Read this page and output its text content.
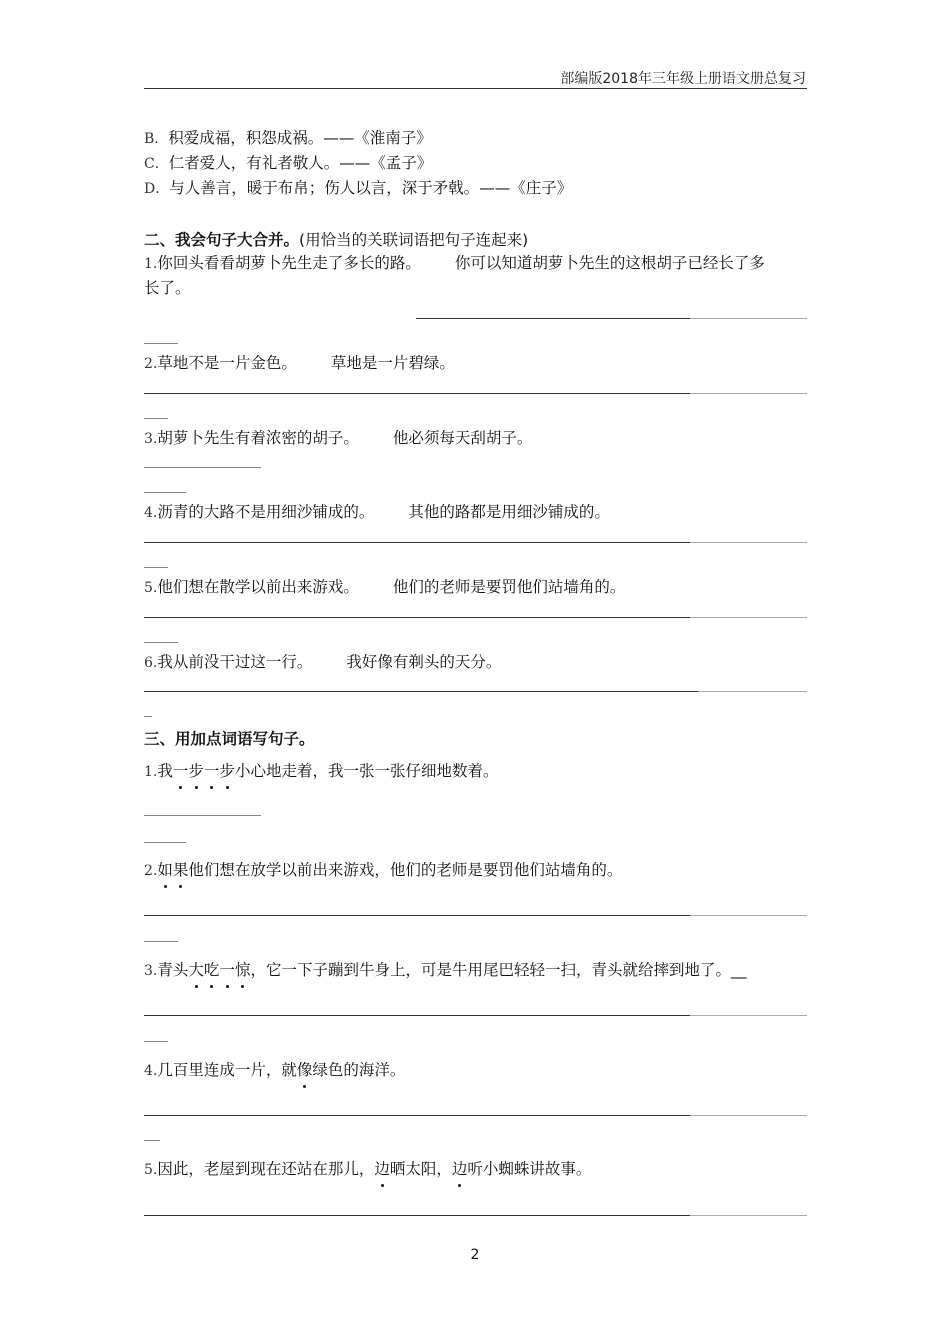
部编版2018年三年级上册语文册总复习
B．积爱成福，积怨成祸。——《淮南子》
C．仁者爱人，有礼者敬人。——《孟子》
D．与人善言，暖于布帛；伤人以言，深于矛戟。——《庄子》
二、我会句子大合并。(用恰当的关联词语把句子连起来)
1.你回头看看胡萝卜先生走了多长的路。 你可以知道胡萝卜先生的这根胡子已经长了多
长了。
2.草地不是一片金色。 草地是一片碧绿。
3.胡萝卜先生有着浓密的胡子。 他必须每天刮胡子。
4.沥青的大路不是用细沙铺成的。 其他的路都是用细沙铺成的。
5.他们想在散学以前出来游戏。 他们的老师是要罚他们站墙角的。
6.我从前没干过这一行。 我好像有剃头的天分。
三、用加点词语写句子。
1.我一步一步小心地走着，我一张一张仔细地数着。
2.如果他们想在放学以前出来游戏，他们的老师是要罚他们站墙角的。
3.青头大吃一惊，它一下子蹦到牛身上，可是牛用尾巴轻轻一扫，青头就给摔到地了。__
4.几百里连成一片，就像绿色的海洋。
5.因此，老屋到现在还站在那儿，边晒太阳，边听小蜘蛛讲故事。
2
